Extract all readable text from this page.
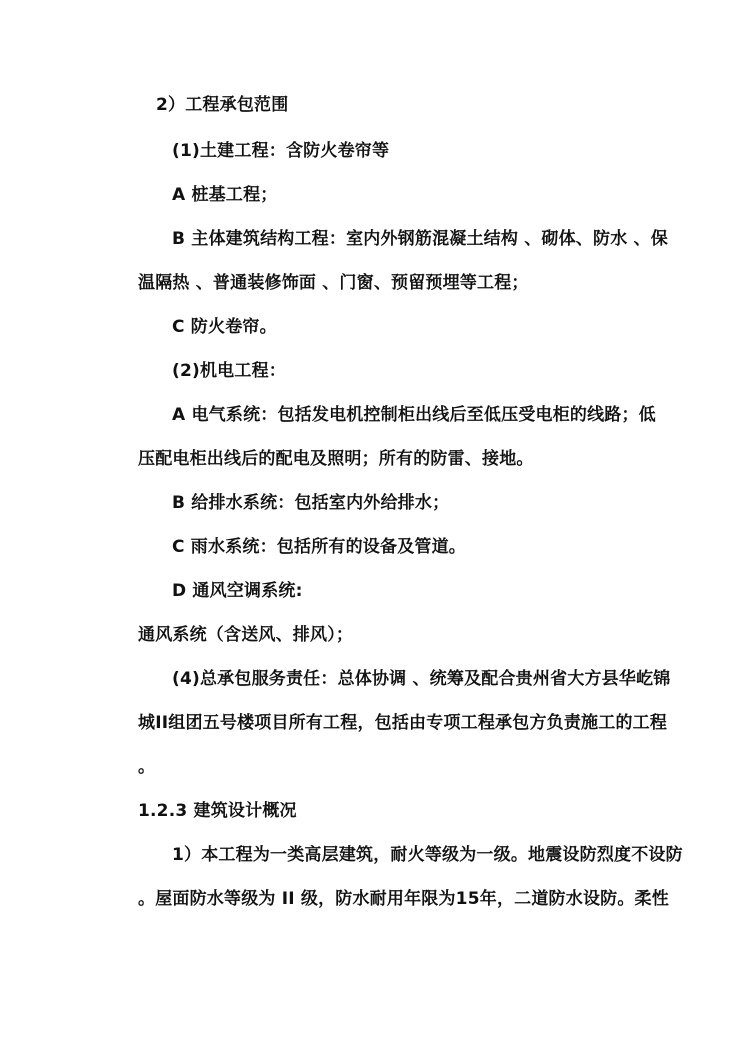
2）工程承包范围
(1)土建工程：含防火卷帘等
A 桩基工程；
B 主体建筑结构工程：室内外钢筋混凝土结构 、砌体、防水 、保
温隔热 、普通装修饰面 、门窗、预留预埋等工程；
C 防火卷帘。
(2)机电工程：
A 电气系统：包括发电机控制柜出线后至低压受电柜的线路；低
压配电柜出线后的配电及照明；所有的防雷、接地。
B 给排水系统：包括室内外给排水；
C 雨水系统：包括所有的设备及管道。
D 通风空调系统:
通风系统（含送风、排风）；
(4)总承包服务责任：总体协调 、统筹及配合贵州省大方县华屹锦
城II组团五号楼项目所有工程，包括由专项工程承包方负责施工的工程
。
1.2.3 建筑设计概况
1）本工程为一类高层建筑，耐火等级为一级。地震设防烈度不设防
。屋面防水等级为 II 级，防水耐用年限为15年，二道防水设防。柔性
